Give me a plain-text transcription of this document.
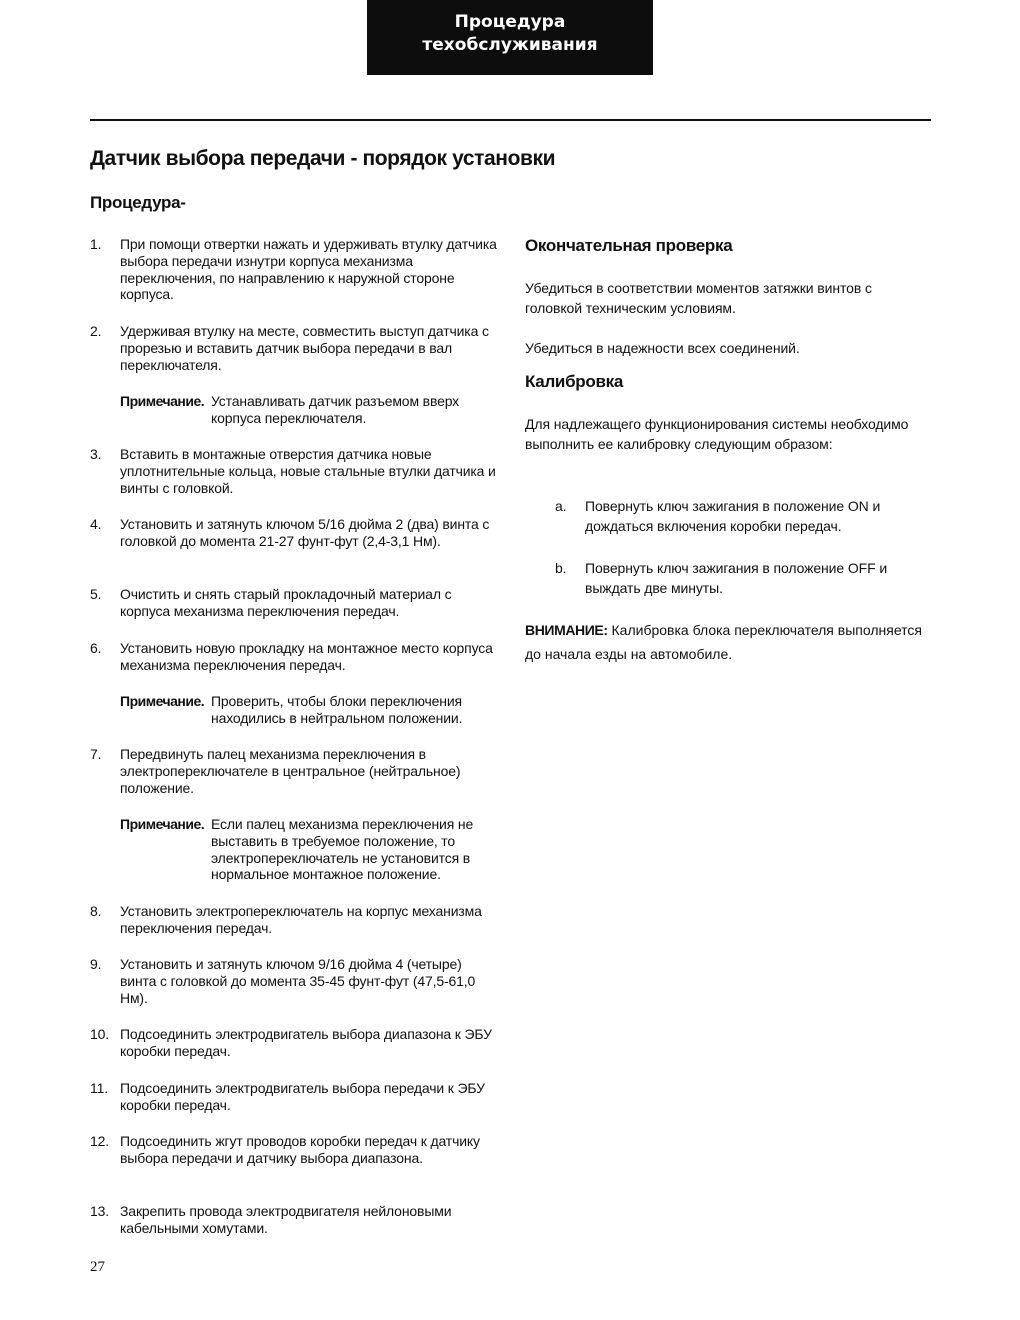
Процедура
техобслуживания
Датчик выбора передачи - порядок установки
Процедура-
1. При помощи отвертки нажать и удерживать втулку датчика выбора передачи изнутри корпуса механизма переключения, по направлению к наружной стороне корпуса.
2. Удерживая втулку на месте, совместить выступ датчика с прорезью и вставить датчик выбора передачи в вал переключателя.
Примечание. Устанавливать датчик разъемом вверх корпуса переключателя.
3. Вставить в монтажные отверстия датчика новые уплотнительные кольца, новые стальные втулки датчика и винты с головкой.
4. Установить и затянуть ключом 5/16 дюйма 2 (два) винта с головкой до момента 21-27 фунт-фут (2,4-3,1 Нм).
5. Очистить и снять старый прокладочный материал с корпуса механизма переключения передач.
6. Установить новую прокладку на монтажное место корпуса механизма переключения передач.
Примечание. Проверить, чтобы блоки переключения находились в нейтральном положении.
7. Передвинуть палец механизма переключения в электропереключателе в центральное (нейтральное) положение.
Примечание. Если палец механизма переключения не выставить в требуемое положение, то электропереключатель не установится в нормальное монтажное положение.
8. Установить электропереключатель на корпус механизма переключения передач.
9. Установить и затянуть ключом 9/16 дюйма 4 (четыре) винта с головкой до момента 35-45 фунт-фут (47,5-61,0 Нм).
10. Подсоединить электродвигатель выбора диапазона к ЭБУ коробки передач.
11. Подсоединить электродвигатель выбора передачи к ЭБУ коробки передач.
12. Подсоединить жгут проводов коробки передач к датчику выбора передачи и датчику выбора диапазона.
13. Закрепить провода электродвигателя нейлоновыми кабельными хомутами.
Окончательная проверка
Убедиться в соответствии моментов затяжки винтов с головкой техническим условиям.
Убедиться в надежности всех соединений.
Калибровка
Для надлежащего функционирования системы необходимо выполнить ее калибровку следующим образом:
a. Повернуть ключ зажигания в положение ON и дождаться включения коробки передач.
b. Повернуть ключ зажигания в положение OFF и выждать две минуты.
ВНИМАНИЕ: Калибровка блока переключателя выполняется до начала езды на автомобиле.
27
